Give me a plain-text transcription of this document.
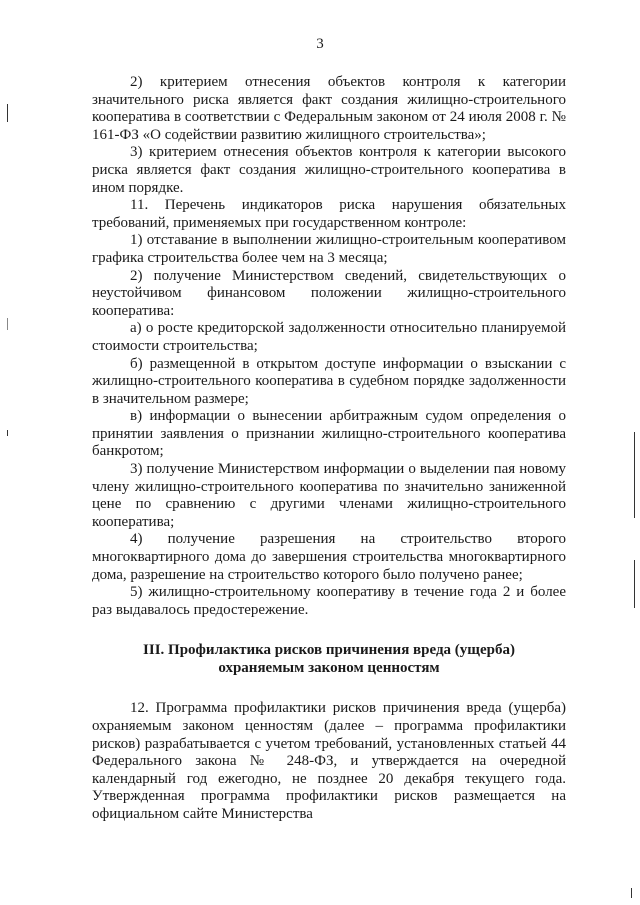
3

2) критерием отнесения объектов контроля к категории значительного риска является факт создания жилищно-строительного кооператива в соответствии с Федеральным законом от 24 июля 2008 г. № 161-ФЗ «О содействии развитию жилищного строительства»;

3) критерием отнесения объектов контроля к категории высокого риска является факт создания жилищно-строительного кооператива в ином порядке.

11. Перечень индикаторов риска нарушения обязательных требований, применяемых при государственном контроле:

1) отставание в выполнении жилищно-строительным кооперативом графика строительства более чем на 3 месяца;

2) получение Министерством сведений, свидетельствующих о неустойчивом финансовом положении жилищно-строительного кооператива:

а) о росте кредиторской задолженности относительно планируемой стоимости строительства;

б) размещенной в открытом доступе информации о взыскании с жилищно-строительного кооператива в судебном порядке задолженности в значительном размере;

в) информации о вынесении арбитражным судом определения о принятии заявления о признании жилищно-строительного кооператива банкротом;

3) получение Министерством информации о выделении пая новому члену жилищно-строительного кооператива по значительно заниженной цене по сравнению с другими членами жилищно-строительного кооператива;

4) получение разрешения на строительство второго многоквартирного дома до завершения строительства многоквартирного дома, разрешение на строительство которого было получено ранее;

5) жилищно-строительному кооперативу в течение года 2 и более раз выдавалось предостережение.

III. Профилактика рисков причинения вреда (ущерба)
охраняемым законом ценностям

12. Программа профилактики рисков причинения вреда (ущерба) охраняемым законом ценностям (далее – программа профилактики рисков) разрабатывается с учетом требований, установленных статьей 44 Федерального закона № 248-ФЗ, и утверждается на очередной календарный год ежегодно, не позднее 20 декабря текущего года. Утвержденная программа профилактики рисков размещается на официальном сайте Министерства
